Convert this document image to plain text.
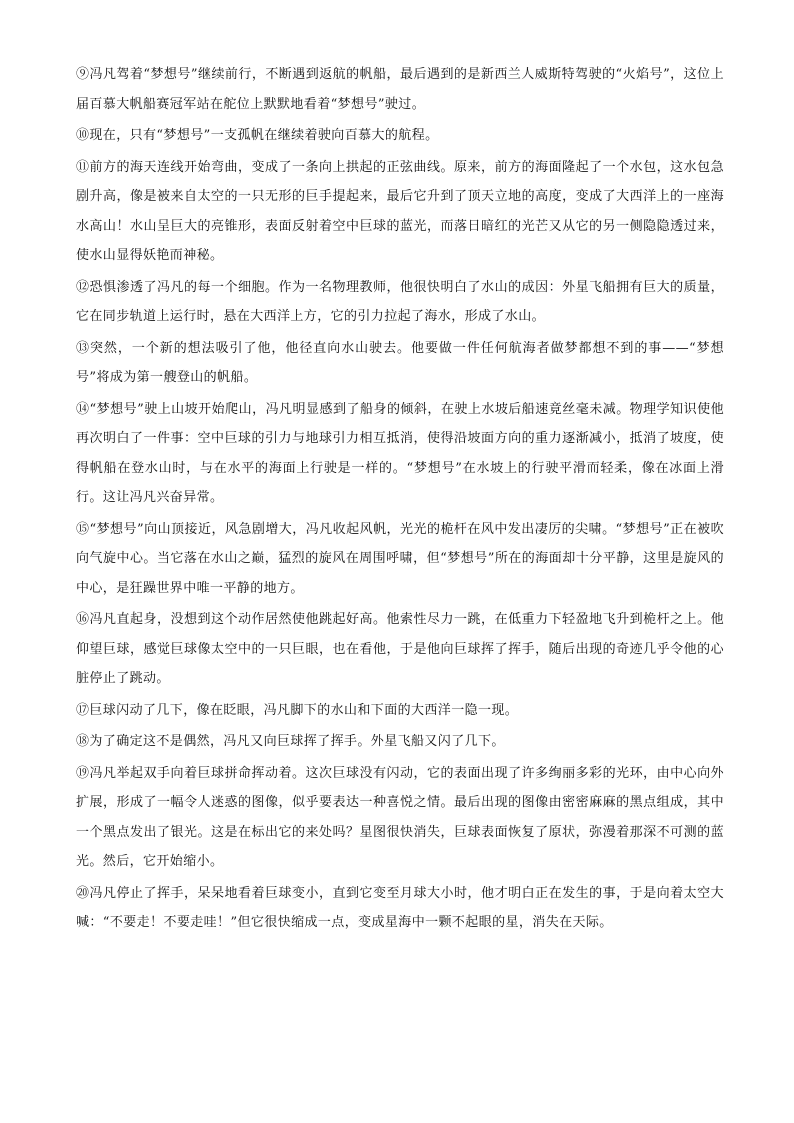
⑨冯凡驾着“梦想号”继续前行，不断遇到返航的帆船，最后遇到的是新西兰人威斯特驾驶的“火焰号”，这位上届百慕大帆船赛冠军站在舵位上默默地看着“梦想号”驶过。

⑩现在，只有“梦想号”一支孤帆在继续着驶向百慕大的航程。

⑪前方的海天连线开始弯曲，变成了一条向上拱起的正弦曲线。原来，前方的海面隆起了一个水包，这水包急剧升高，像是被来自太空的一只无形的巨手提起来，最后它升到了顶天立地的高度，变成了大西洋上的一座海水高山！水山呈巨大的亮锥形，表面反射着空中巨球的蓝光，而落日暗红的光芒又从它的另一侧隐隐透过来，使水山显得妖艳而神秘。

⑫恐惧渗透了冯凡的每一个细胞。作为一名物理教师，他很快明白了水山的成因：外星飞船拥有巨大的质量，它在同步轨道上运行时，悬在大西洋上方，它的引力拉起了海水，形成了水山。

⑬突然，一个新的想法吸引了他，他径直向水山驶去。他要做一件任何航海者做梦都想不到的事——“梦想号”将成为第一艘登山的帆船。

⑭“梦想号”驶上山坡开始爬山，冯凡明显感到了船身的倾斜，在驶上水坡后船速竟丝毫未减。物理学知识使他再次明白了一件事：空中巨球的引力与地球引力相互抵消，使得沿坡面方向的重力逐渐减小，抵消了坡度，使得帆船在登水山时，与在水平的海面上行驶是一样的。“梦想号”在水坡上的行驶平滑而轻柔，像在冰面上滑行。这让冯凡兴奋异常。

⑮“梦想号”向山顶接近，风急剧增大，冯凡收起风帆，光光的桅杆在风中发出凄厉的尖啸。“梦想号”正在被吹向气旋中心。当它落在水山之巅，猛烈的旋风在周围呼啸，但“梦想号”所在的海面却十分平静，这里是旋风的中心，是狂躁世界中唯一平静的地方。

⑯冯凡直起身，没想到这个动作居然使他跳起好高。他索性尽力一跳，在低重力下轻盈地飞升到桅杆之上。他仰望巨球，感觉巨球像太空中的一只巨眼，也在看他，于是他向巨球挥了挥手，随后出现的奇迹几乎令他的心脏停止了跳动。

⑰巨球闪动了几下，像在眨眼，冯凡脚下的水山和下面的大西洋一隐一现。

⑱为了确定这不是偶然，冯凡又向巨球挥了挥手。外星飞船又闪了几下。

⑲冯凡举起双手向着巨球拼命挥动着。这次巨球没有闪动，它的表面出现了许多绚丽多彩的光环，由中心向外扩展，形成了一幅令人迷惑的图像，似乎要表达一种喜悦之情。最后出现的图像由密密麻麻的黑点组成，其中一个黑点发出了银光。这是在标出它的来处吗？星图很快消失，巨球表面恢复了原状，弥漫着那深不可测的蓝光。然后，它开始缩小。

⑳冯凡停止了挥手，呆呆地看着巨球变小，直到它变至月球大小时，他才明白正在发生的事，于是向着太空大喊：“不要走！不要走哇！”但它很快缩成一点，变成星海中一颗不起眼的星，消失在天际。
